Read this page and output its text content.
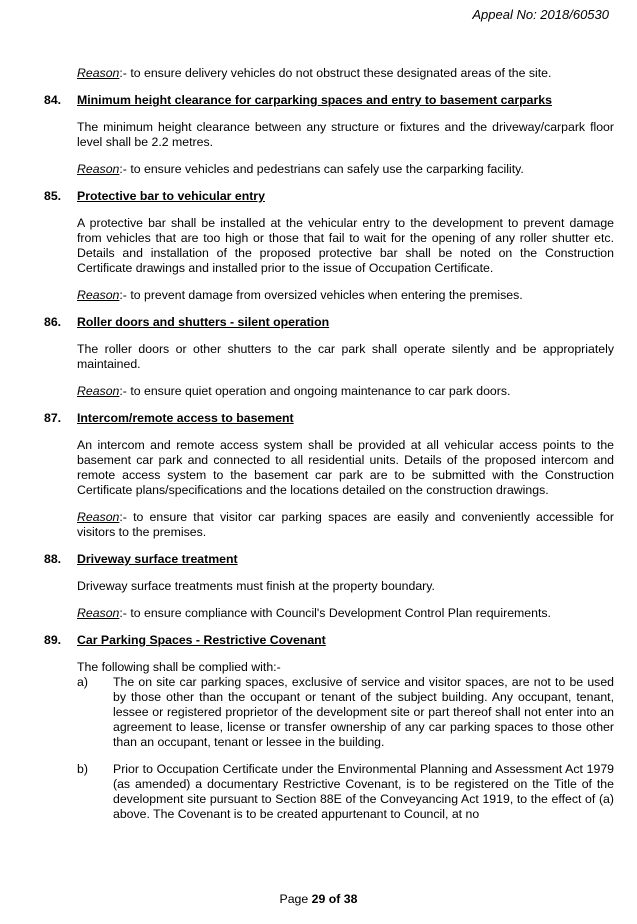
Appeal No: 2018/60530

Reason:- to ensure delivery vehicles do not obstruct these designated areas of the site.

84.	Minimum height clearance for carparking spaces and entry to basement carparks

The minimum height clearance between any structure or fixtures and the driveway/carpark floor level shall be 2.2 metres.

Reason:- to ensure vehicles and pedestrians can safely use the carparking facility.

85.	Protective bar to vehicular entry

A protective bar shall be installed at the vehicular entry to the development to prevent damage from vehicles that are too high or those that fail to wait for the opening of any roller shutter etc. Details and installation of the proposed protective bar shall be noted on the Construction Certificate drawings and installed prior to the issue of Occupation Certificate.

Reason:- to prevent damage from oversized vehicles when entering the premises.

86.	Roller doors and shutters - silent operation

The roller doors or other shutters to the car park shall operate silently and be appropriately maintained.

Reason:- to ensure quiet operation and ongoing maintenance to car park doors.

87.	Intercom/remote access to basement

An intercom and remote access system shall be provided at all vehicular access points to the basement car park and connected to all residential units. Details of the proposed intercom and remote access system to the basement car park are to be submitted with the Construction Certificate plans/specifications and the locations detailed on the construction drawings.

Reason:- to ensure that visitor car parking spaces are easily and conveniently accessible for visitors to the premises.

88.	Driveway surface treatment

Driveway surface treatments must finish at the property boundary.

Reason:- to ensure compliance with Council's Development Control Plan requirements.

89.	Car Parking Spaces - Restrictive Covenant

The following shall be complied with:-

a)	The on site car parking spaces, exclusive of service and visitor spaces, are not to be used by those other than the occupant or tenant of the subject building. Any occupant, tenant, lessee or registered proprietor of the development site or part thereof shall not enter into an agreement to lease, license or transfer ownership of any car parking spaces to those other than an occupant, tenant or lessee in the building.

b)	Prior to Occupation Certificate under the Environmental Planning and Assessment Act 1979 (as amended) a documentary Restrictive Covenant, is to be registered on the Title of the development site pursuant to Section 88E of the Conveyancing Act 1919, to the effect of (a) above. The Covenant is to be created appurtenant to Council, at no

Page 29 of 38
